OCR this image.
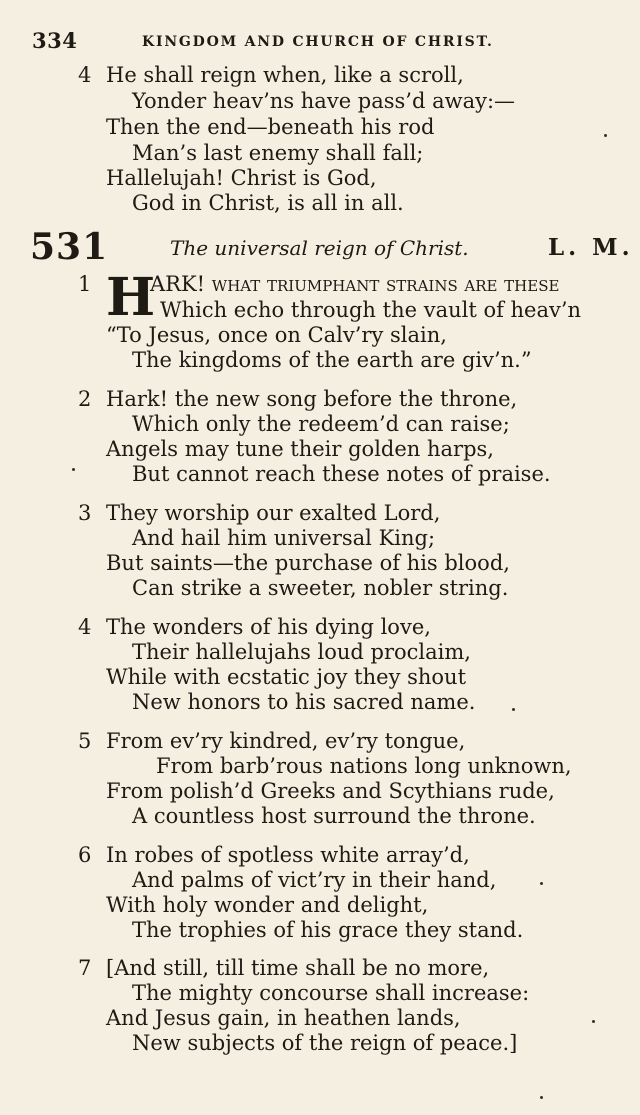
334	KINGDOM AND CHURCH OF CHRIST.
4 He shall reign when, like a scroll,
Yonder heav’ns have pass’d away:—
Then the end—beneath his rod
Man’s last enemy shall fall;
Hallelujah! Christ is God,
God in Christ, is all in all.
531	The universal reign of Christ.	L. M.
1	ARK! what triumphant strains are these
H Which echo through the vault of heav’n
“To Jesus, once on Calv’ry slain,
The kingdoms of the earth are giv’n.”
2 Hark! the new song before the throne,
Which only the redeem’d can raise;
Angels may tune their golden harps,
But cannot reach these notes of praise.
3 They worship our exalted Lord,
And hail him universal King;
But saints—the purchase of his blood,
Can strike a sweeter, nobler string.
4 The wonders of his dying love,
Their hallelujahs loud proclaim,
While with ecstatic joy they shout
New honors to his sacred name.
5 From ev’ry kindred, ev’ry tongue,
From barb’rous nations long unknown,
From polish’d Greeks and Scythians rude,
A countless host surround the throne.
6 In robes of spotless white array’d,
And palms of vict’ry in their hand,
With holy wonder and delight,
The trophies of his grace they stand.
7 [And still, till time shall be no more,
The mighty concourse shall increase:
And Jesus gain, in heathen lands,
New subjects of the reign of peace.]
